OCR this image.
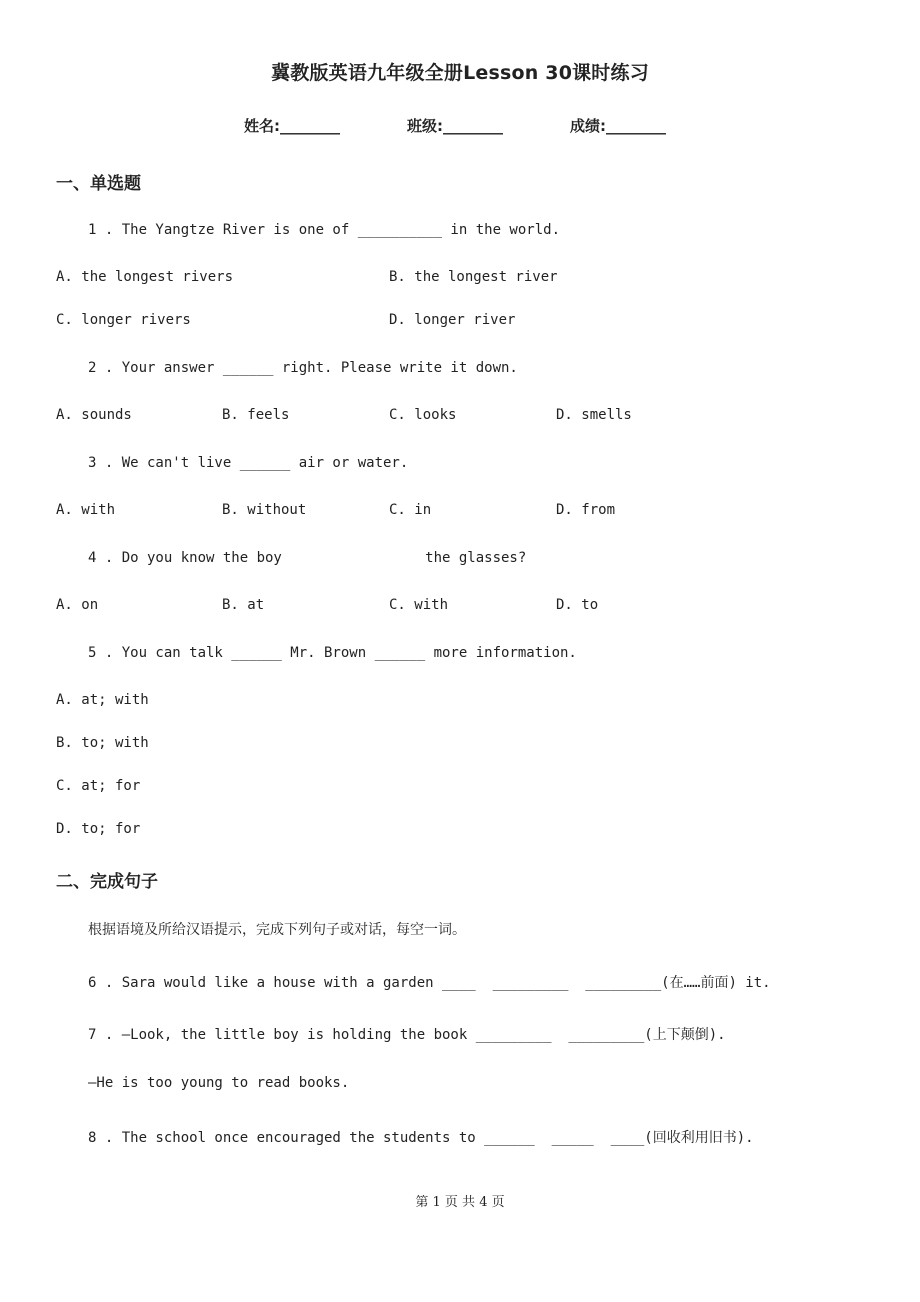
冀教版英语九年级全册Lesson 30课时练习
姓名:________	班级:________	成绩:________
一、单选题
1 . The Yangtze River is one of __________ in the world.
A. the longest rivers	B. the longest river
C. longer rivers	D. longer river
2 . Your answer ______ right. Please write it down.
A. sounds	B. feels	C. looks	D. smells
3 . We can't live ______ air or water.
A. with	B. without	C. in	D. from
4 . Do you know the boy                 the glasses?
A. on	B. at	C. with	D. to
5 . You can talk ______ Mr. Brown ______ more information.
A. at; with
B. to; with
C. at; for
D. to; for
二、完成句子
根据语境及所给汉语提示，完成下列句子或对话，每空一词。
6 . Sara would like a house with a garden ____  _________  _________(在……前面) it.
7 . —Look, the little boy is holding the book _________  _________(上下颠倒).
—He is too young to read books.
8 . The school once encouraged the students to ______  _____  ____(回收利用旧书).
第 1 页 共 4 页
